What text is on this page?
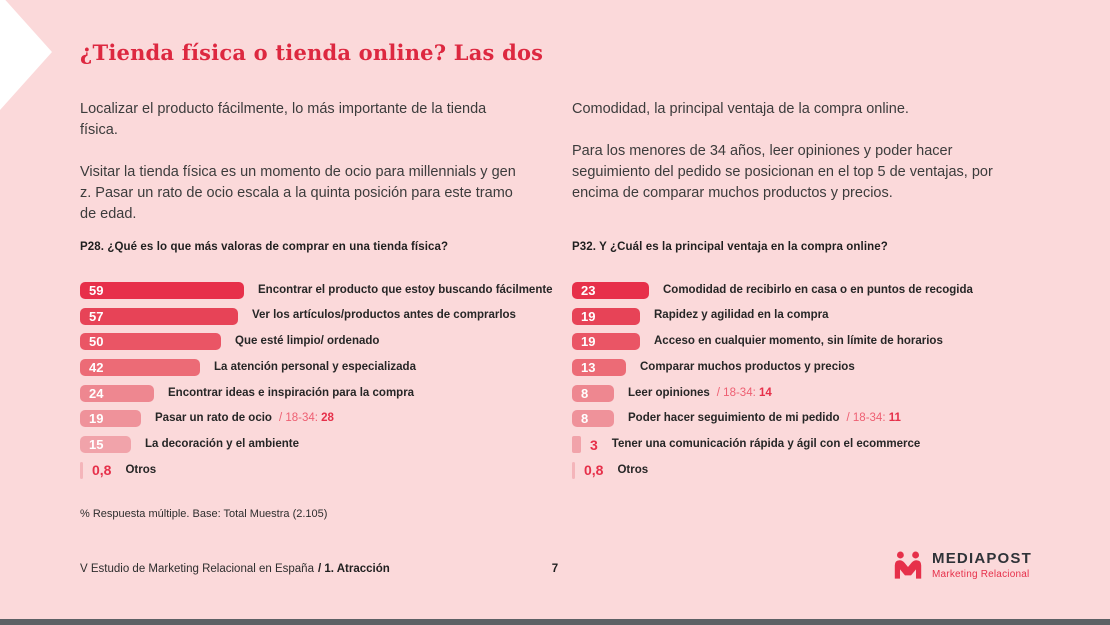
¿Tienda física o tienda online? Las dos

Localizar el producto fácilmente, lo más importante de la tienda física.

Visitar la tienda física es un momento de ocio para millennials y gen z. Pasar un rato de ocio escala a la quinta posición para este tramo de edad.

Comodidad, la principal ventaja de la compra online.

Para los menores de 34 años, leer opiniones y poder hacer seguimiento del pedido se posicionan en el top 5 de ventajas, por encima de comparar muchos productos y precios.

P28. ¿Qué es lo que más valoras de comprar en una tienda física?	P32. Y ¿Cuál es la principal ventaja en la compra online?
59	Encontrar el producto que estoy buscando fácilmente
57	Ver los artículos/productos antes de comprarlos
50	Que esté limpio/ ordenado
42	La atención personal y especializada
24	Encontrar ideas e inspiración para la compra
19	Pasar un rato de ocio / 18-34: 28
15	La decoración y el ambiente
0,8 Otros
23	Comodidad de recibirlo en casa o en puntos de recogida
19	Rapidez y agilidad en la compra
19	Acceso en cualquier momento, sin límite de horarios
13	Comparar muchos productos y precios
8	Leer opiniones / 18-34: 14
8	Poder hacer seguimiento de mi pedido / 18-34: 11
3 Tener una comunicación rápida y ágil con el ecommerce
0,8 Otros
% Respuesta múltiple. Base: Total Muestra (2.105)
V Estudio de Marketing Relacional en España / 1. Atracción	7
MEDIAPOST
Marketing Relacional
